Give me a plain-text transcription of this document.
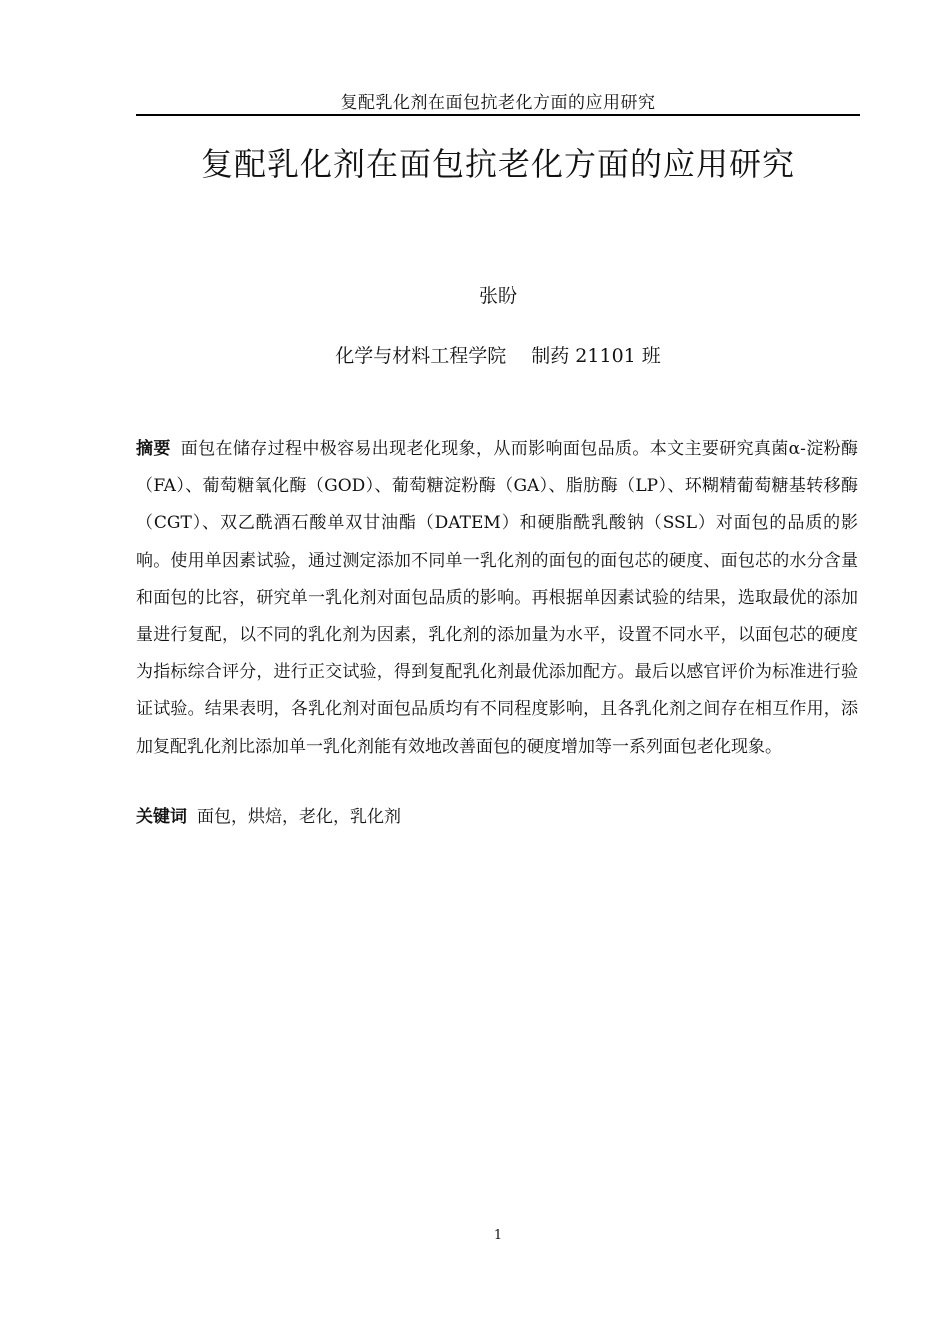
复配乳化剂在面包抗老化方面的应用研究
复配乳化剂在面包抗老化方面的应用研究
张盼
化学与材料工程学院　 制药 21101 班

摘要 面包在储存过程中极容易出现老化现象，从而影响面包品质。本文主要研究真菌α-淀粉酶（FA）、葡萄糖氧化酶（GOD）、葡萄糖淀粉酶（GA）、脂肪酶（LP）、环糊精葡萄糖基转移酶（CGT）、双乙酰酒石酸单双甘油酯（DATEM）和硬脂酰乳酸钠（SSL）对面包的品质的影响。使用单因素试验，通过测定添加不同单一乳化剂的面包的面包芯的硬度、面包芯的水分含量和面包的比容，研究单一乳化剂对面包品质的影响。再根据单因素试验的结果，选取最优的添加量进行复配，以不同的乳化剂为因素，乳化剂的添加量为水平，设置不同水平，以面包芯的硬度为指标综合评分，进行正交试验，得到复配乳化剂最优添加配方。最后以感官评价为标准进行验证试验。结果表明，各乳化剂对面包品质均有不同程度影响，且各乳化剂之间存在相互作用，添加复配乳化剂比添加单一乳化剂能有效地改善面包的硬度增加等一系列面包老化现象。

关键词 面包，烘焙，老化，乳化剂

1
